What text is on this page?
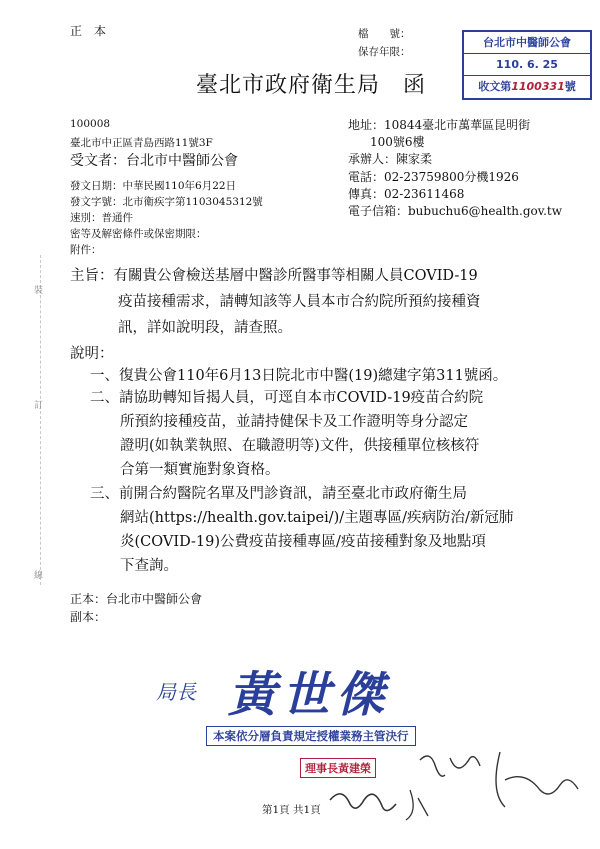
正　本	檔　　號：
保存年限：
台北市中醫師公會
110. 6. 25
收文第1100331號
臺北市政府衛生局　函
100008
臺北市中正區青島西路11號3F
受文者：台北市中醫師公會
地址：10844臺北市萬華區昆明街
100號6樓
承辦人：陳家柔
電話：02-23759800分機1926
傳真：02-23611468
電子信箱：bubuchu6@health.gov.tw
發文日期：中華民國110年6月22日
發文字號：北市衛疾字第1103045312號
速別：普通件
密等及解密條件或保密期限：
附件：
裝
訂
線
主旨：有關貴公會檢送基層中醫診所醫事等相關人員COVID-19
疫苗接種需求，請轉知該等人員本市合約院所預約接種資
訊，詳如說明段，請查照。
說明：
一、復貴公會110年6月13日院北市中醫(19)總建字第311號函。
二、請協助轉知旨揭人員，可逕自本市COVID-19疫苗合約院
所預約接種疫苗，並請持健保卡及工作證明等身分認定
證明(如執業執照、在職證明等)文件，供接種單位核核符
合第一類實施對象資格。
三、前開合約醫院名單及門診資訊，請至臺北市政府衛生局
網站(https://health.gov.taipei/)/主題專區/疾病防治/新冠肺
炎(COVID-19)公費疫苗接種專區/疫苗接種對象及地點項
下查詢。
正本：台北市中醫師公會
副本：
局長 黃世傑
本案依分層負責規定授權業務主管決行
理事長黃建榮
第1頁 共1頁
